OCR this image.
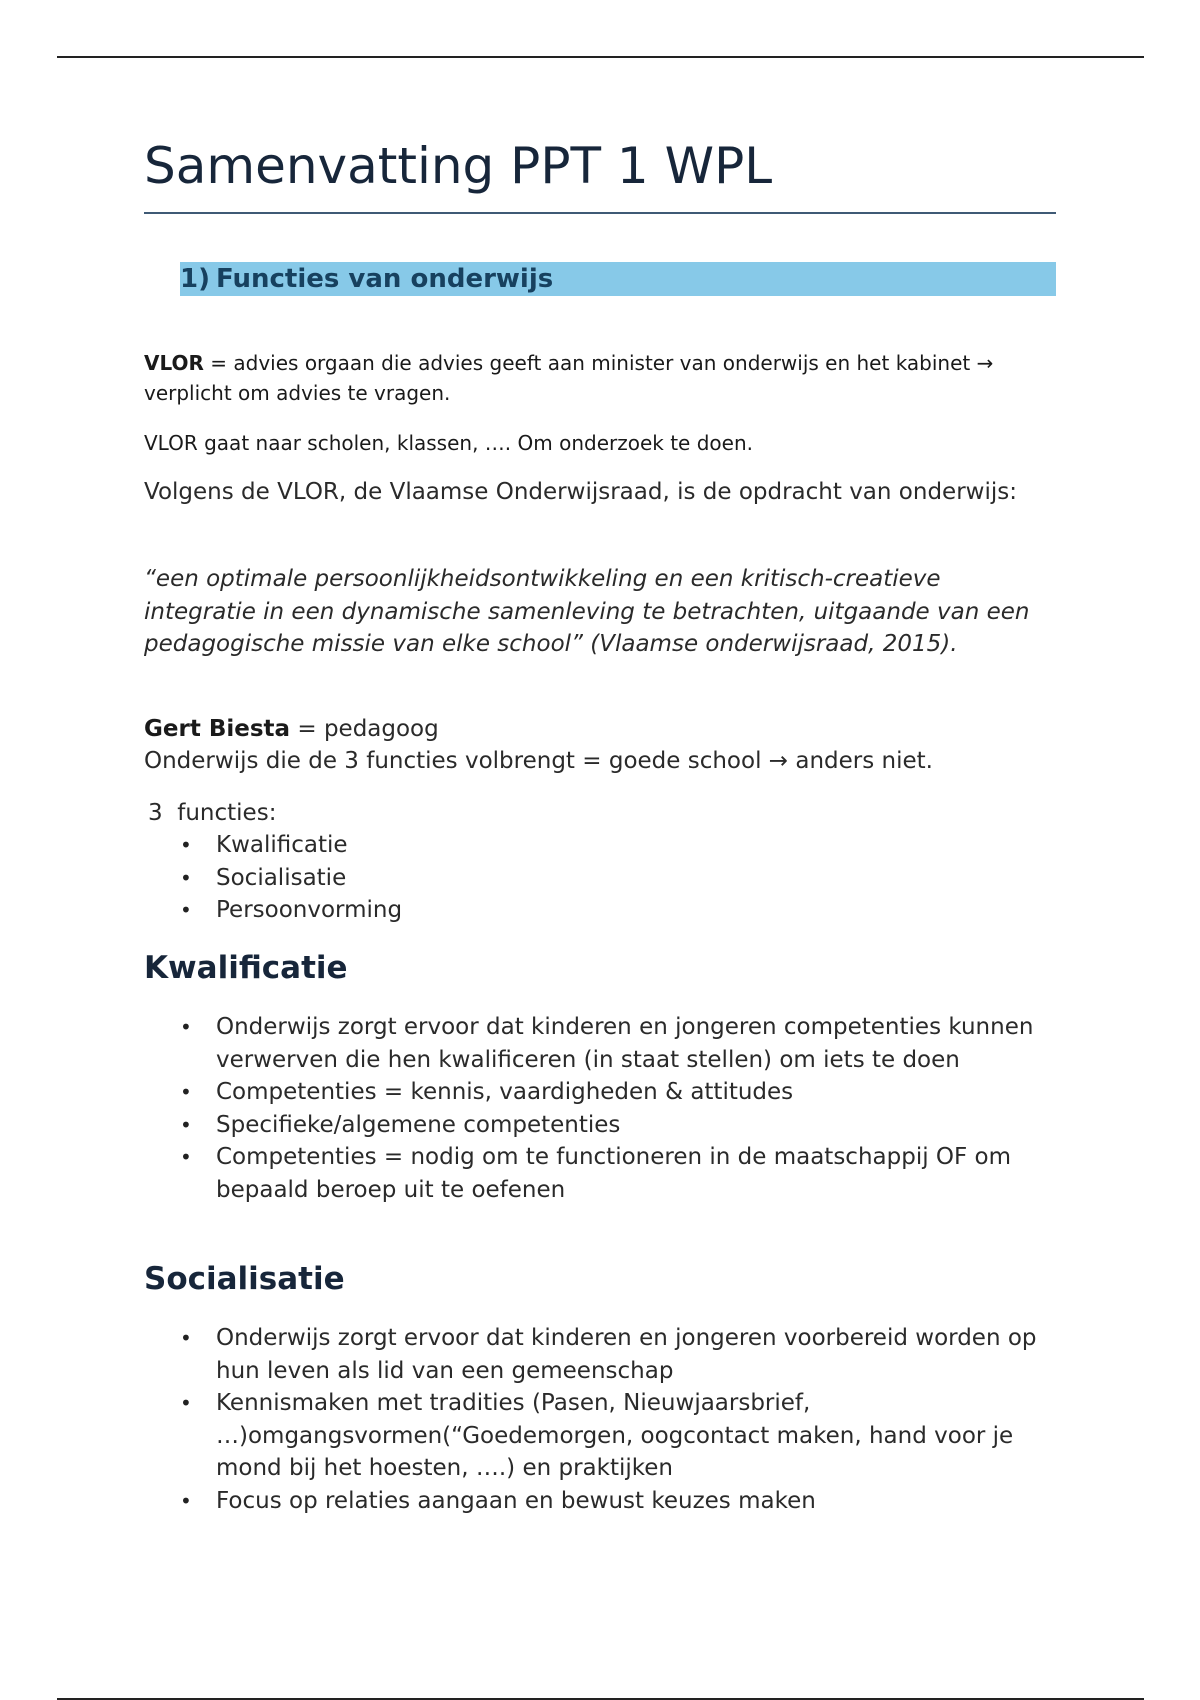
Samenvatting PPT 1 WPL
1) Functies van onderwijs

VLOR = advies orgaan die advies geeft aan minister van onderwijs en het kabinet → verplicht om advies te vragen.

VLOR gaat naar scholen, klassen, …. Om onderzoek te doen.

Volgens de VLOR, de Vlaamse Onderwijsraad, is de opdracht van onderwijs:

“een optimale persoonlijkheidsontwikkeling en een kritisch-creatieve integratie in een dynamische samenleving te betrachten, uitgaande van een pedagogische missie van elke school” (Vlaamse onderwijsraad, 2015).

Gert Biesta = pedagoog

Onderwijs die de 3 functies volbrengt = goede school → anders niet.

3  functies:

• Kwalificatie
• Socialisatie
• Persoonvorming
Kwalificatie
• Onderwijs zorgt ervoor dat kinderen en jongeren competenties kunnen verwerven die hen kwalificeren (in staat stellen) om iets te doen
• Competenties = kennis, vaardigheden & attitudes
• Specifieke/algemene competenties
• Competenties = nodig om te functioneren in de maatschappij OF om bepaald beroep uit te oefenen
Socialisatie
• Onderwijs zorgt ervoor dat kinderen en jongeren voorbereid worden op hun leven als lid van een gemeenschap
• Kennismaken met tradities (Pasen, Nieuwjaarsbrief, …)omgangsvormen(“Goedemorgen, oogcontact maken, hand voor je mond bij het hoesten, ….) en praktijken
• Focus op relaties aangaan en bewust keuzes maken
